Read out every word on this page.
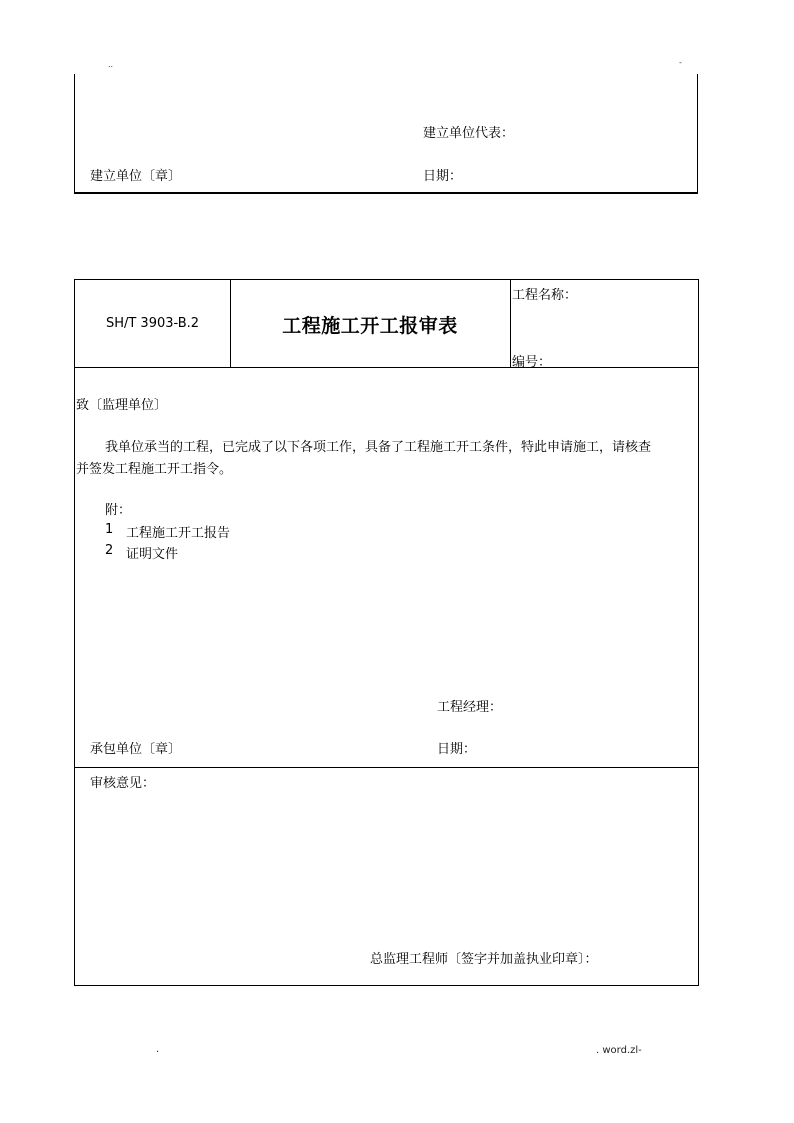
..	-
建立单位代表：
建立单位〔章〕	日期：
SH/T 3903-B.2	工程施工开工报审表
工程名称：
编号：
致〔监理单位〕
我单位承当的工程，已完成了以下各项工作，具备了工程施工开工条件，特此申请施工，请核查
并签发工程施工开工指令。
附：
1 工程施工开工报告
2 证明文件
工程经理：
承包单位〔章〕	日期：
审核意见：
总监理工程师〔签字并加盖执业印章〕：
.	. word.zl-
